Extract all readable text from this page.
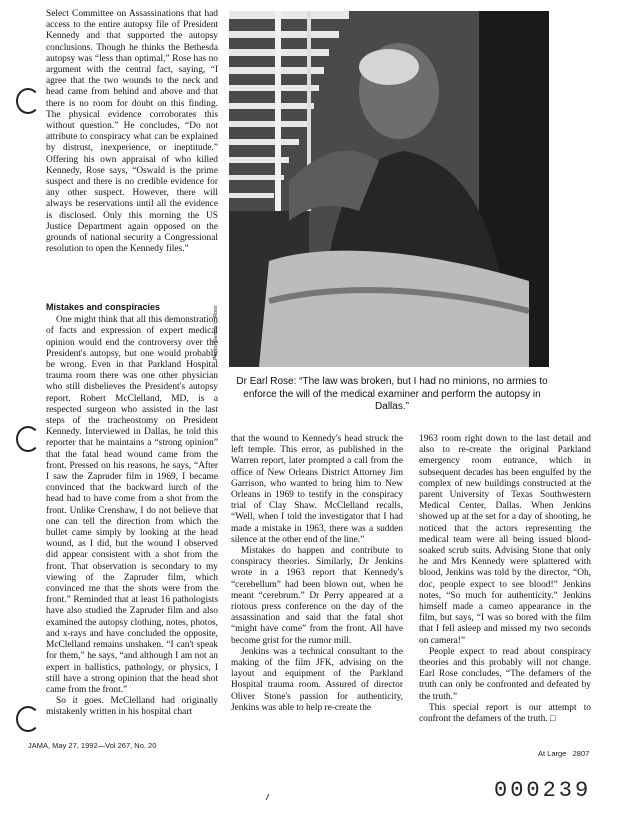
Select Committee on Assassinations that had access to the entire autopsy file of President Kennedy and that supported the autopsy conclusions. Though he thinks the Bethesda autopsy was “less than optimal,” Rose has no argument with the central fact, saying, “I agree that the two wounds to the neck and head came from behind and above and that there is no room for doubt on this finding. The physical evidence corroborates this without question.” He concludes, “Do not attribute to conspiracy what can be explained by distrust, inexperience, or ineptitude.” Offering his own appraisal of who killed Kennedy, Rose says, “Oswald is the prime suspect and there is no credible evidence for any other suspect. However, there will always be reservations until all the evidence is disclosed. Only this morning the US Justice Department again opposed on the grounds of national security a Congressional resolution to open the Kennedy files.”

Mistakes and conspiracies

One might think that all this demonstration of facts and expression of expert medical opinion would end the controversy over the President's autopsy, but one would probably be wrong. Even in that Parkland Hospital trauma room there was one other physician who still disbelieves the President's autopsy report. Robert McClelland, MD, is a respected surgeon who assisted in the last steps of the tracheostomy on President Kennedy. Interviewed in Dallas, he told this reporter that he maintains a “strong opinion” that the fatal head wound came from the front. Pressed on his reasons, he says, “After I saw the Zapruder film in 1969, I became convinced that the backward lurch of the head had to have come from a shot from the front. Unlike Crenshaw, I do not believe that one can tell the direction from which the bullet came simply by looking at the head wound, as I did, but the wound I observed did appear consistent with a shot from the front. That observation is secondary to my viewing of the Zapruder film, which convinced me that the shots were from the front.” Reminded that at least 16 pathologists have also studied the Zapruder film and also examined the autopsy clothing, notes, photos, and x-rays and have concluded the opposite, McClelland remains unshaken. “I can't speak for them,” he says, “and although I am not an expert in ballistics, pathology, or physics, I still have a strong opinion that the head shot came from the front.”

So it goes. McClelland had originally mistakenly written in his hospital chart

Photo: Dennis L. Ross

Dr Earl Rose: “The law was broken, but I had no minions, no armies to enforce the will of the medical examiner and perform the autopsy in Dallas.”

that the wound to Kennedy's head struck the left temple. This error, as published in the Warren report, later prompted a call from the office of New Orleans District Attorney Jim Garrison, who wanted to bring him to New Orleans in 1969 to testify in the conspiracy trial of Clay Shaw. McClelland recalls, “Well, when I told the investigator that I had made a mistake in 1963, there was a sudden silence at the other end of the line.”

Mistakes do happen and contribute to conspiracy theories. Similarly, Dr Jenkins wrote in a 1963 report that Kennedy's “cerebellum” had been blown out, when he meant “cerebrum.” Dr Perry appeared at a riotous press conference on the day of the assassination and said that the fatal shot “might have come” from the front. All have become grist for the rumor mill.

Jenkins was a technical consultant to the making of the film JFK, advising on the layout and equipment of the Parkland Hospital trauma room. Assured of director Oliver Stone's passion for authenticity, Jenkins was able to help re-create the

1963 room right down to the last detail and also to re-create the original Parkland emergency room entrance, which in subsequent decades has been engulfed by the complex of new buildings constructed at the parent University of Texas Southwestern Medical Center, Dallas. When Jenkins showed up at the set for a day of shooting, he noticed that the actors representing the medical team were all being issued blood-soaked scrub suits. Advising Stone that only he and Mrs Kennedy were splattered with blood, Jenkins was told by the director, “Oh, doc, people expect to see blood!” Jenkins notes, “So much for authenticity.” Jenkins himself made a cameo appearance in the film, but says, “I was so bored with the film that I fell asleep and missed my two seconds on camera!”

People expect to read about conspiracy theories and this probably will not change. Earl Rose concludes, “The defamers of the truth can only be confronted and defeated by the truth.”

This special report is our attempt to confront the defamers of the truth. □

JAMA, May 27, 1992—Vol 267, No. 20
At Large   2807
000239
